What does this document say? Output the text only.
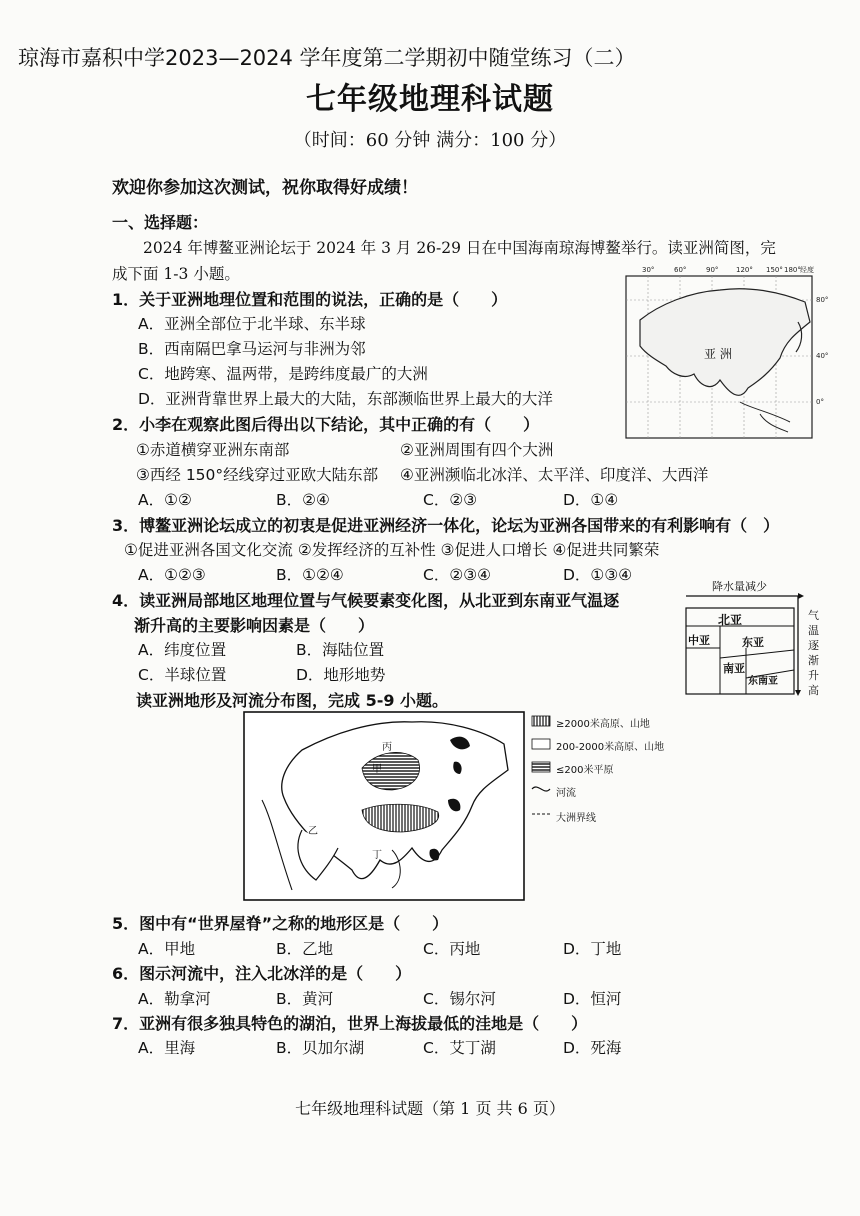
琼海市嘉积中学2023—2024 学年度第二学期初中随堂练习（二）
七年级地理科试题
（时间：60 分钟 满分：100 分）
欢迎你参加这次测试，祝你取得好成绩！
一、选择题：
2024 年博鳌亚洲论坛于 2024 年 3 月 26-29 日在中国海南琼海博鳌举行。读亚洲简图，完
成下面 1-3 小题。
1．关于亚洲地理位置和范围的说法，正确的是（　　）
A．亚洲全部位于北半球、东半球
B．西南隔巴拿马运河与非洲为邻
C．地跨寒、温两带，是跨纬度最广的大洲
D．亚洲背靠世界上最大的大陆，东部濒临世界上最大的大洋
2．小李在观察此图后得出以下结论，其中正确的有（　　）
①赤道横穿亚洲东南部	②亚洲周围有四个大洲
③西经 150°经线穿过亚欧大陆东部 ④亚洲濒临北冰洋、太平洋、印度洋、大西洋
A．①②	B．②④	C．②③	D．①④
3．博鳌亚洲论坛成立的初衷是促进亚洲经济一体化，论坛为亚洲各国带来的有利影响有（　）
①促进亚洲各国文化交流 ②发挥经济的互补性 ③促进人口增长 ④促进共同繁荣
A．①②③	B．①②④	C．②③④	D．①③④
4．读亚洲局部地区地理位置与气候要素变化图，从北亚到东南亚气温逐
渐升高的主要影响因素是（　　）
A．纬度位置	B．海陆位置
C．半球位置	D．地形地势
读亚洲地形及河流分布图，完成 5-9 小题。
5．图中有“世界屋脊”之称的地形区是（　　）
A．甲地	B．乙地	C．丙地	D．丁地
6．图示河流中，注入北冰洋的是（　　）
A．勒拿河	B．黄河	C．锡尔河	D．恒河
7．亚洲有很多独具特色的湖泊，世界上海拔最低的洼地是（　　）
A．里海	B．贝加尔湖	C．艾丁湖	D．死海
30°	60°	90°	120° 150° 180° 经度
80°
40°
0°
亚 洲
降水量减少
北亚
中亚	东亚
南亚
东南亚
气温逐渐升高
甲
乙
丙
丁
≥2000米高原、山地
200-2000米高原、山地
≤200米平原
河流
大洲界线
七年级地理科试题（第 1 页 共 6 页）
